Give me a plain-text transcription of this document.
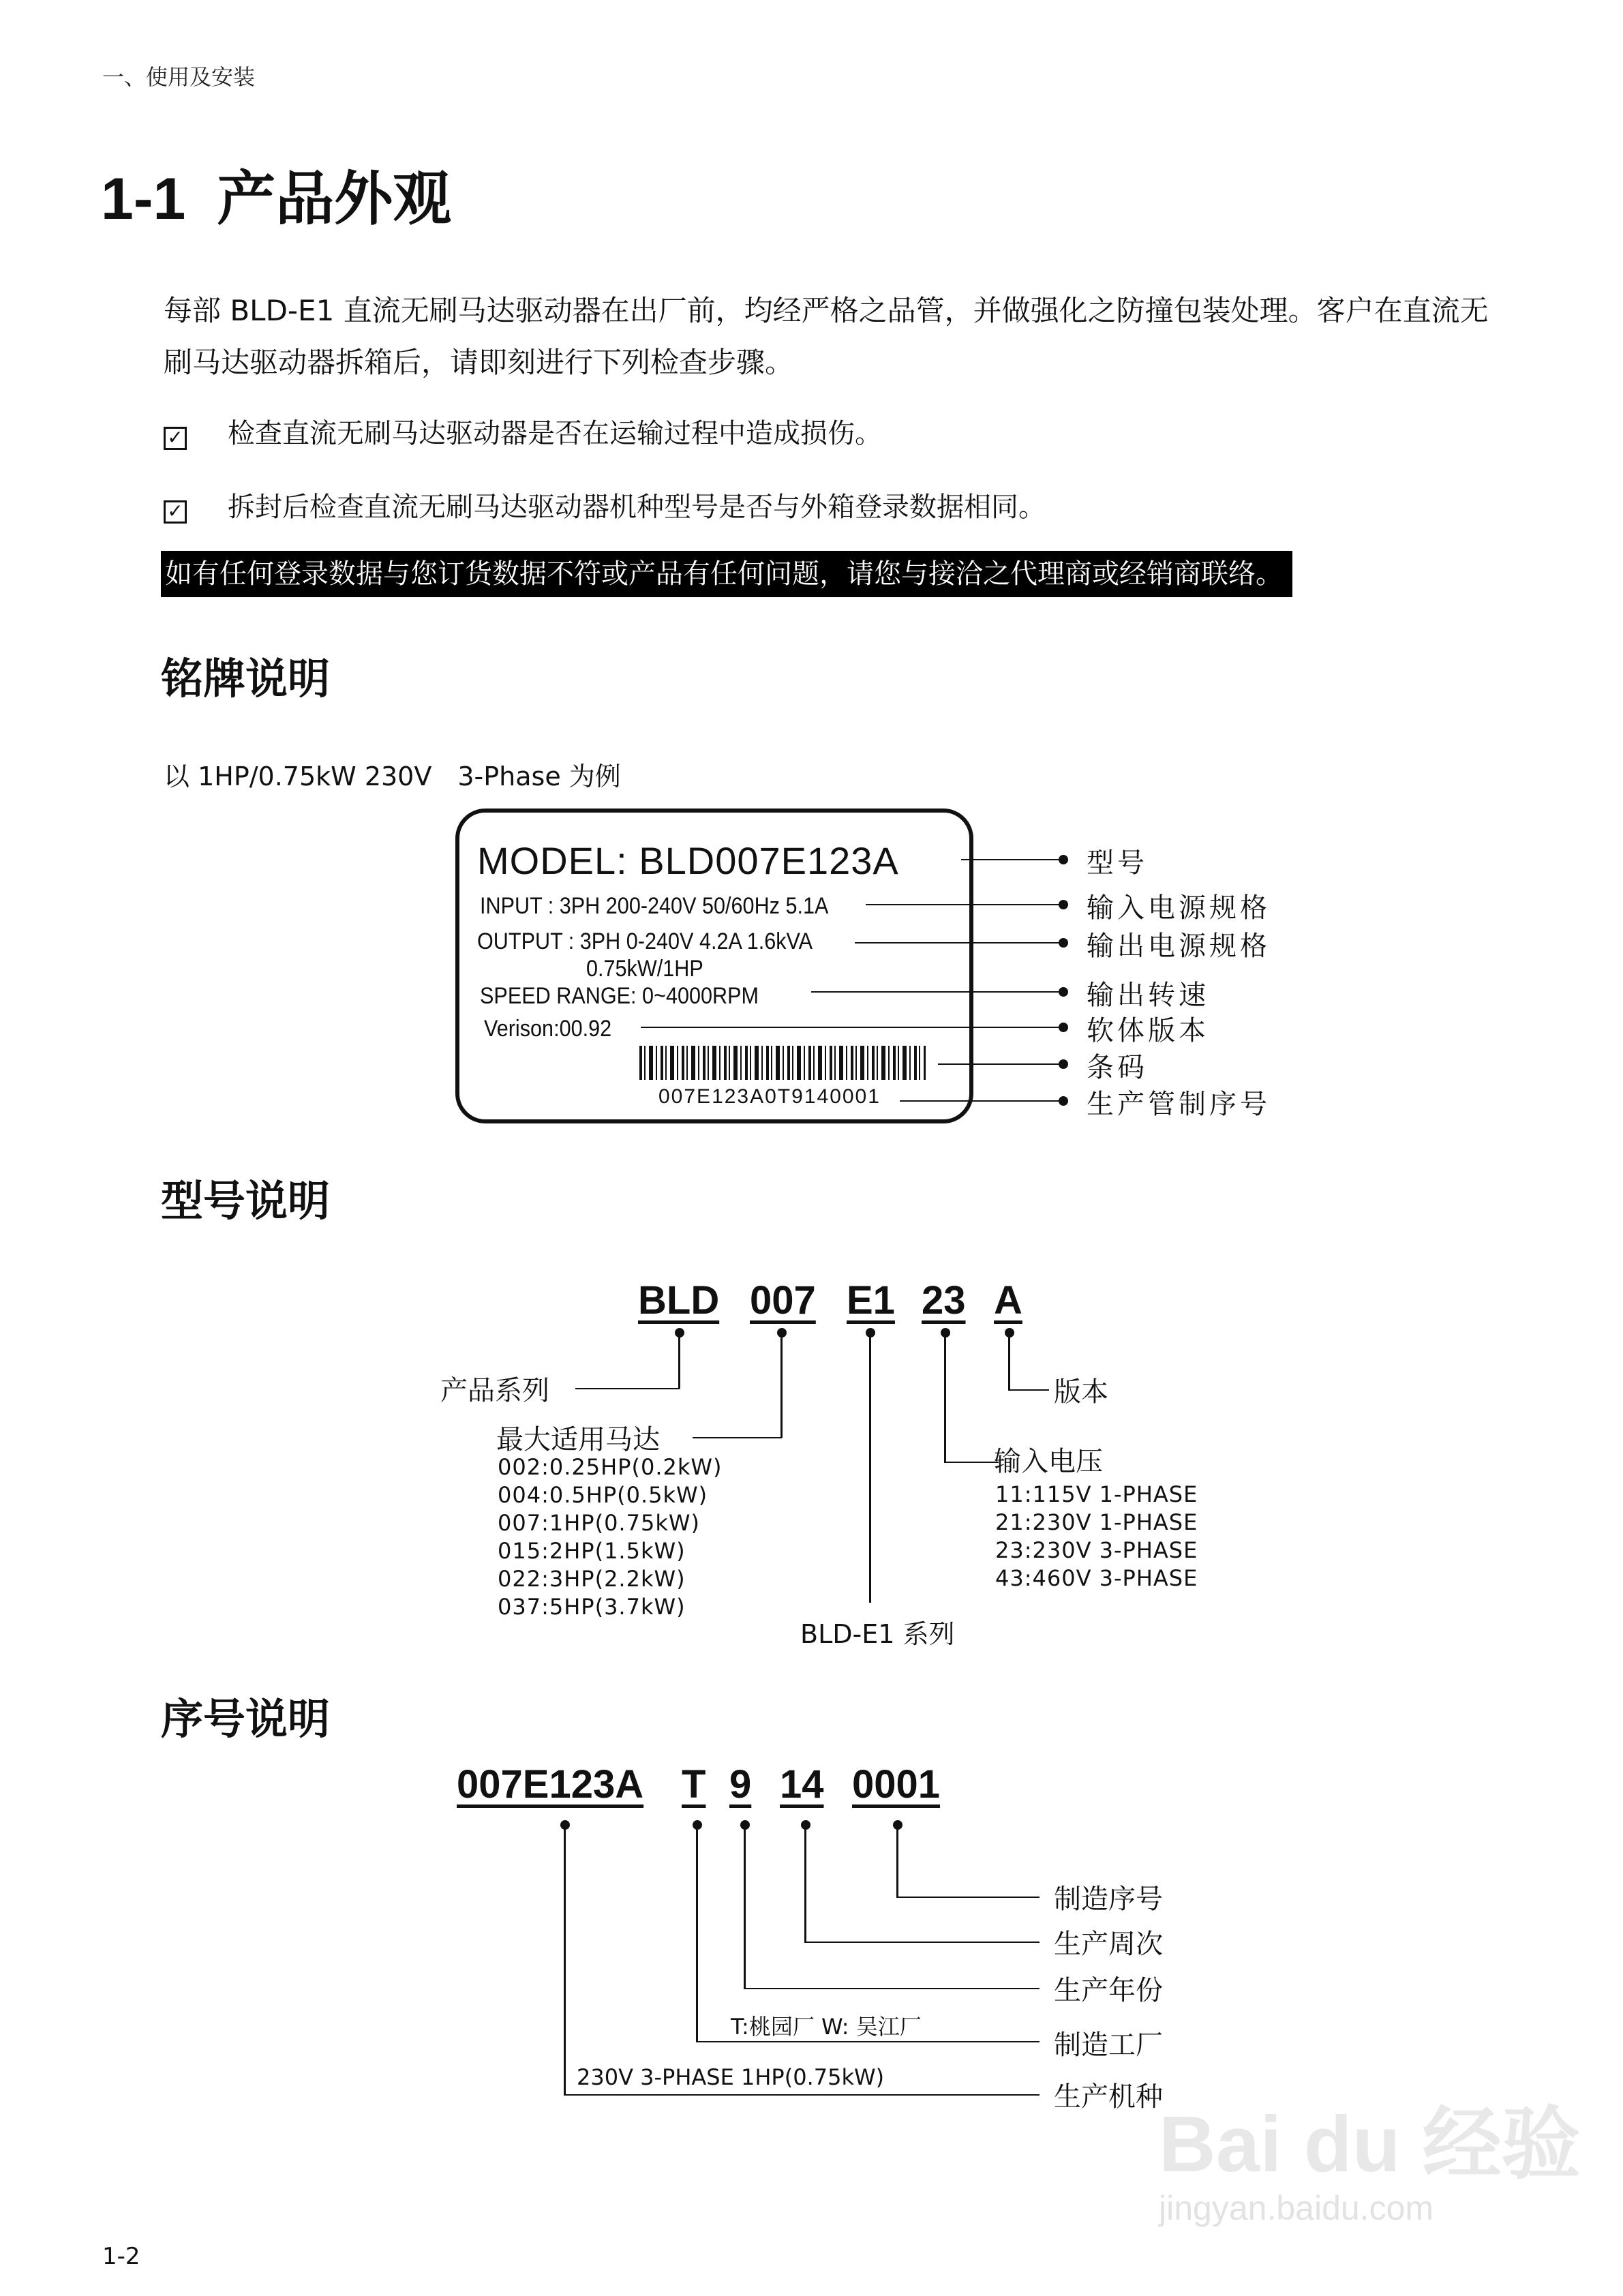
一、使用及安装
1-1 产品外观
每部 BLD-E1 直流无刷马达驱动器在出厂前，均经严格之品管，并做强化之防撞包装处理。客户在直流无刷马达驱动器拆箱后，请即刻进行下列检查步骤。
✓ 检查直流无刷马达驱动器是否在运输过程中造成损伤。
✓ 拆封后检查直流无刷马达驱动器机种型号是否与外箱登录数据相同。
如有任何登录数据与您订货数据不符或产品有任何问题，请您与接洽之代理商或经销商联络。
铭牌说明
以 1HP/0.75kW 230V　3-Phase 为例
MODEL: BLD007E123A
INPUT : 3PH 200-240V 50/60Hz 5.1A
OUTPUT : 3PH 0-240V 4.2A 1.6kVA
0.75kW/1HP
SPEED RANGE: 0~4000RPM
Verison:00.92
007E123A0T9140001
型号
输入电源规格
输出电源规格
输出转速
软体版本
条码
生产管制序号
型号说明
BLD 007 E1 23 A
产品系列
最大适用马达
002:0.25HP(0.2kW)
004:0.5HP(0.5kW)
007:1HP(0.75kW)
015:2HP(1.5kW)
022:3HP(2.2kW)
037:5HP(3.7kW)
BLD-E1 系列
输入电压
11:115V 1-PHASE
21:230V 1-PHASE
23:230V 3-PHASE
43:460V 3-PHASE
版本
序号说明
007E123A T 9 14 0001
制造序号
生产周次
生产年份
制造工厂
生产机种
T:桃园厂 W: 吴江厂
230V 3-PHASE 1HP(0.75kW)
Bai du 经验
jingyan.baidu.com
1-2
